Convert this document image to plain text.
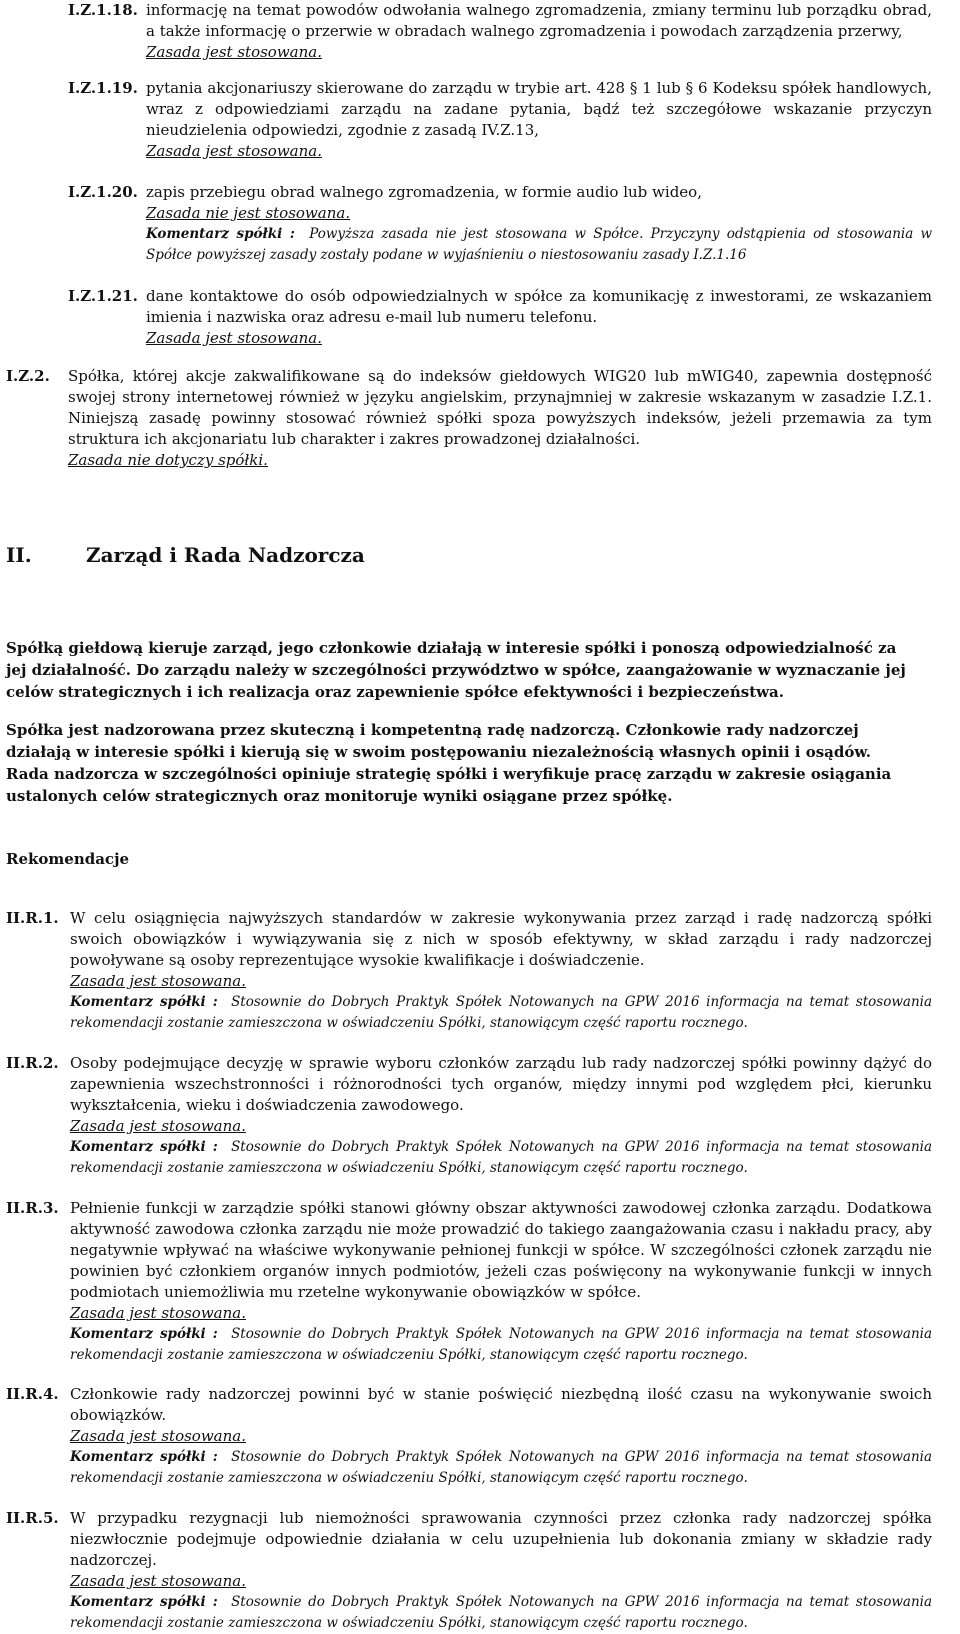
I.Z.1.18. informację na temat powodów odwołania walnego zgromadzenia, zmiany terminu lub porządku obrad, a także informację o przerwie w obradach walnego zgromadzenia i powodach zarządzenia przerwy,

Zasada jest stosowana.
I.Z.1.19. pytania akcjonariuszy skierowane do zarządu w trybie art. 428 § 1 lub § 6 Kodeksu spółek handlowych, wraz z odpowiedziami zarządu na zadane pytania, bądź też szczegółowe wskazanie przyczyn nieudzielenia odpowiedzi, zgodnie z zasadą IV.Z.13,

Zasada jest stosowana.
I.Z.1.20. zapis przebiegu obrad walnego zgromadzenia, w formie audio lub wideo,

Zasada nie jest stosowana.
Komentarz spółki : Powyższa zasada nie jest stosowana w Spółce. Przyczyny odstąpienia od stosowania w Spółce powyższej zasady zostały podane w wyjaśnieniu o niestosowaniu zasady I.Z.1.16
I.Z.1.21. dane kontaktowe do osób odpowiedzialnych w spółce za komunikację z inwestorami, ze wskazaniem imienia i nazwiska oraz adresu e-mail lub numeru telefonu.

Zasada jest stosowana.
I.Z.2. Spółka, której akcje zakwalifikowane są do indeksów giełdowych WIG20 lub mWIG40, zapewnia dostępność swojej strony internetowej również w języku angielskim, przynajmniej w zakresie wskazanym w zasadzie I.Z.1. Niniejszą zasadę powinny stosować również spółki spoza powyższych indeksów, jeżeli przemawia za tym struktura ich akcjonariatu lub charakter i zakres prowadzonej działalności.

Zasada nie dotyczy spółki.
II.	Zarząd i Rada Nadzorcza
Spółką giełdową kieruje zarząd, jego członkowie działają w interesie spółki i ponoszą odpowiedzialność za jej działalność. Do zarządu należy w szczególności przywództwo w spółce, zaangażowanie w wyznaczanie jej celów strategicznych i ich realizacja oraz zapewnienie spółce efektywności i bezpieczeństwa.
Spółka jest nadzorowana przez skuteczną i kompetentną radę nadzorczą. Członkowie rady nadzorczej działają w interesie spółki i kierują się w swoim postępowaniu niezależnością własnych opinii i osądów. Rada nadzorcza w szczególności opiniuje strategię spółki i weryfikuje pracę zarządu w zakresie osiągania ustalonych celów strategicznych oraz monitoruje wyniki osiągane przez spółkę.
Rekomendacje
II.R.1. W celu osiągnięcia najwyższych standardów w zakresie wykonywania przez zarząd i radę nadzorczą spółki swoich obowiązków i wywiązywania się z nich w sposób efektywny, w skład zarządu i rady nadzorczej powoływane są osoby reprezentujące wysokie kwalifikacje i doświadczenie.

Zasada jest stosowana.
Komentarz spółki : Stosownie do Dobrych Praktyk Spółek Notowanych na GPW 2016 informacja na temat stosowania rekomendacji zostanie zamieszczona w oświadczeniu Spółki, stanowiącym część raportu rocznego.
II.R.2. Osoby podejmujące decyzję w sprawie wyboru członków zarządu lub rady nadzorczej spółki powinny dążyć do zapewnienia wszechstronności i różnorodności tych organów, między innymi pod względem płci, kierunku wykształcenia, wieku i doświadczenia zawodowego.

Zasada jest stosowana.
Komentarz spółki : Stosownie do Dobrych Praktyk Spółek Notowanych na GPW 2016 informacja na temat stosowania rekomendacji zostanie zamieszczona w oświadczeniu Spółki, stanowiącym część raportu rocznego.
II.R.3. Pełnienie funkcji w zarządzie spółki stanowi główny obszar aktywności zawodowej członka zarządu. Dodatkowa aktywność zawodowa członka zarządu nie może prowadzić do takiego zaangażowania czasu i nakładu pracy, aby negatywnie wpływać na właściwe wykonywanie pełnionej funkcji w spółce. W szczególności członek zarządu nie powinien być członkiem organów innych podmiotów, jeżeli czas poświęcony na wykonywanie funkcji w innych podmiotach uniemożliwia mu rzetelne wykonywanie obowiązków w spółce.

Zasada jest stosowana.
Komentarz spółki : Stosownie do Dobrych Praktyk Spółek Notowanych na GPW 2016 informacja na temat stosowania rekomendacji zostanie zamieszczona w oświadczeniu Spółki, stanowiącym część raportu rocznego.
II.R.4. Członkowie rady nadzorczej powinni być w stanie poświęcić niezbędną ilość czasu na wykonywanie swoich obowiązków.

Zasada jest stosowana.
Komentarz spółki : Stosownie do Dobrych Praktyk Spółek Notowanych na GPW 2016 informacja na temat stosowania rekomendacji zostanie zamieszczona w oświadczeniu Spółki, stanowiącym część raportu rocznego.
II.R.5. W przypadku rezygnacji lub niemożności sprawowania czynności przez członka rady nadzorczej spółka niezwłocznie podejmuje odpowiednie działania w celu uzupełnienia lub dokonania zmiany w składzie rady nadzorczej.

Zasada jest stosowana.
Komentarz spółki : Stosownie do Dobrych Praktyk Spółek Notowanych na GPW 2016 informacja na temat stosowania rekomendacji zostanie zamieszczona w oświadczeniu Spółki, stanowiącym część raportu rocznego.
